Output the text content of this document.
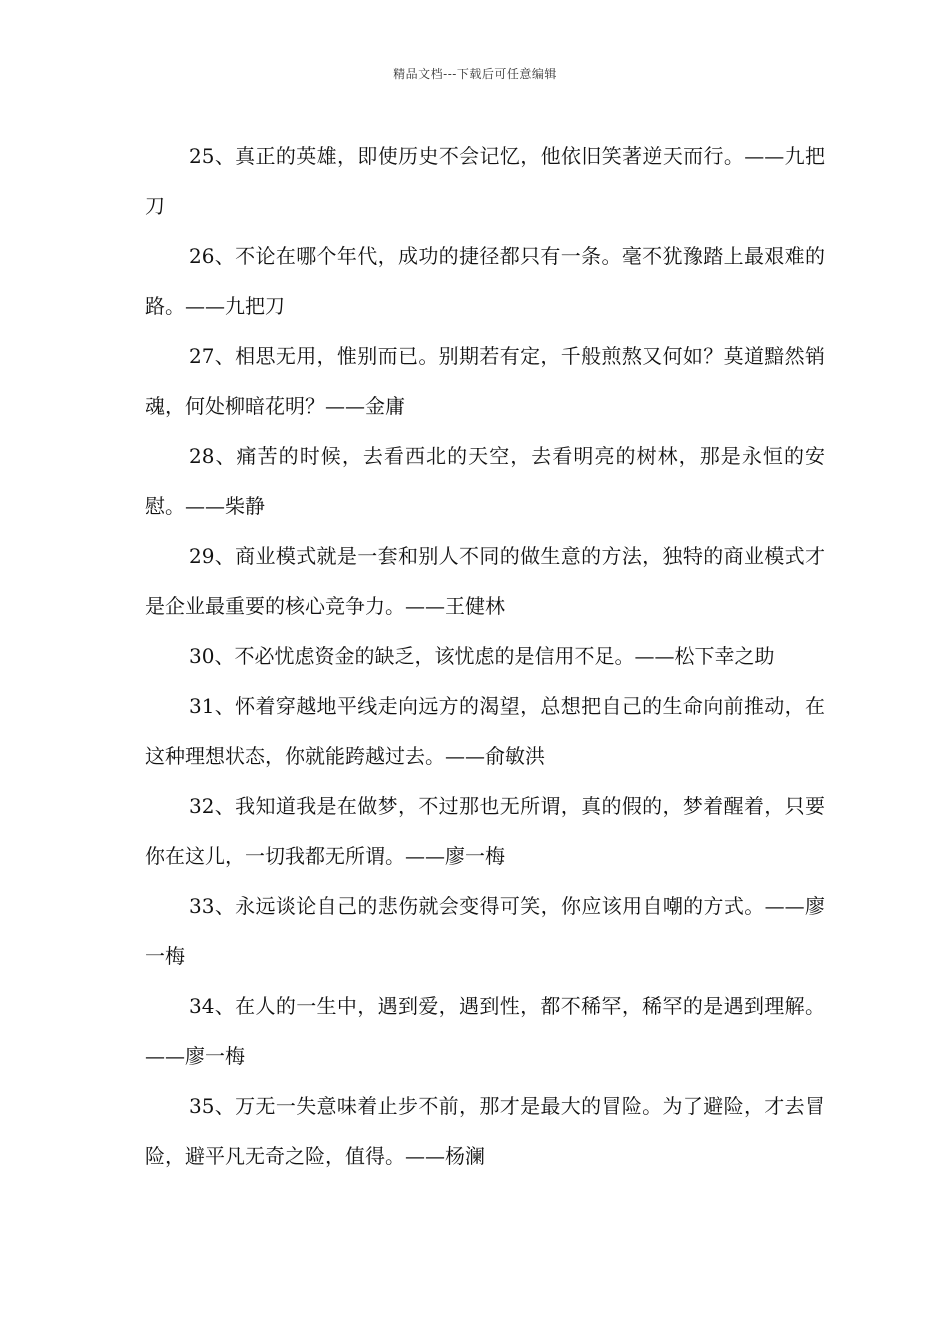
精品文档---下载后可任意编辑

25、真正的英雄，即使历史不会记忆，他依旧笑著逆天而行。——九把刀

26、不论在哪个年代，成功的捷径都只有一条。毫不犹豫踏上最艰难的路。——九把刀

27、相思无用，惟别而已。别期若有定，千般煎熬又何如？莫道黯然销魂，何处柳暗花明？——金庸

28、痛苦的时候，去看西北的天空，去看明亮的树林，那是永恒的安慰。——柴静

29、商业模式就是一套和别人不同的做生意的方法，独特的商业模式才是企业最重要的核心竞争力。——王健林

30、不必忧虑资金的缺乏，该忧虑的是信用不足。——松下幸之助

31、怀着穿越地平线走向远方的渴望，总想把自己的生命向前推动，在这种理想状态，你就能跨越过去。——俞敏洪

32、我知道我是在做梦，不过那也无所谓，真的假的，梦着醒着，只要你在这儿，一切我都无所谓。——廖一梅

33、永远谈论自己的悲伤就会变得可笑，你应该用自嘲的方式。——廖一梅

34、在人的一生中，遇到爱，遇到性，都不稀罕，稀罕的是遇到理解。——廖一梅

35、万无一失意味着止步不前，那才是最大的冒险。为了避险，才去冒险，避平凡无奇之险，值得。——杨澜
